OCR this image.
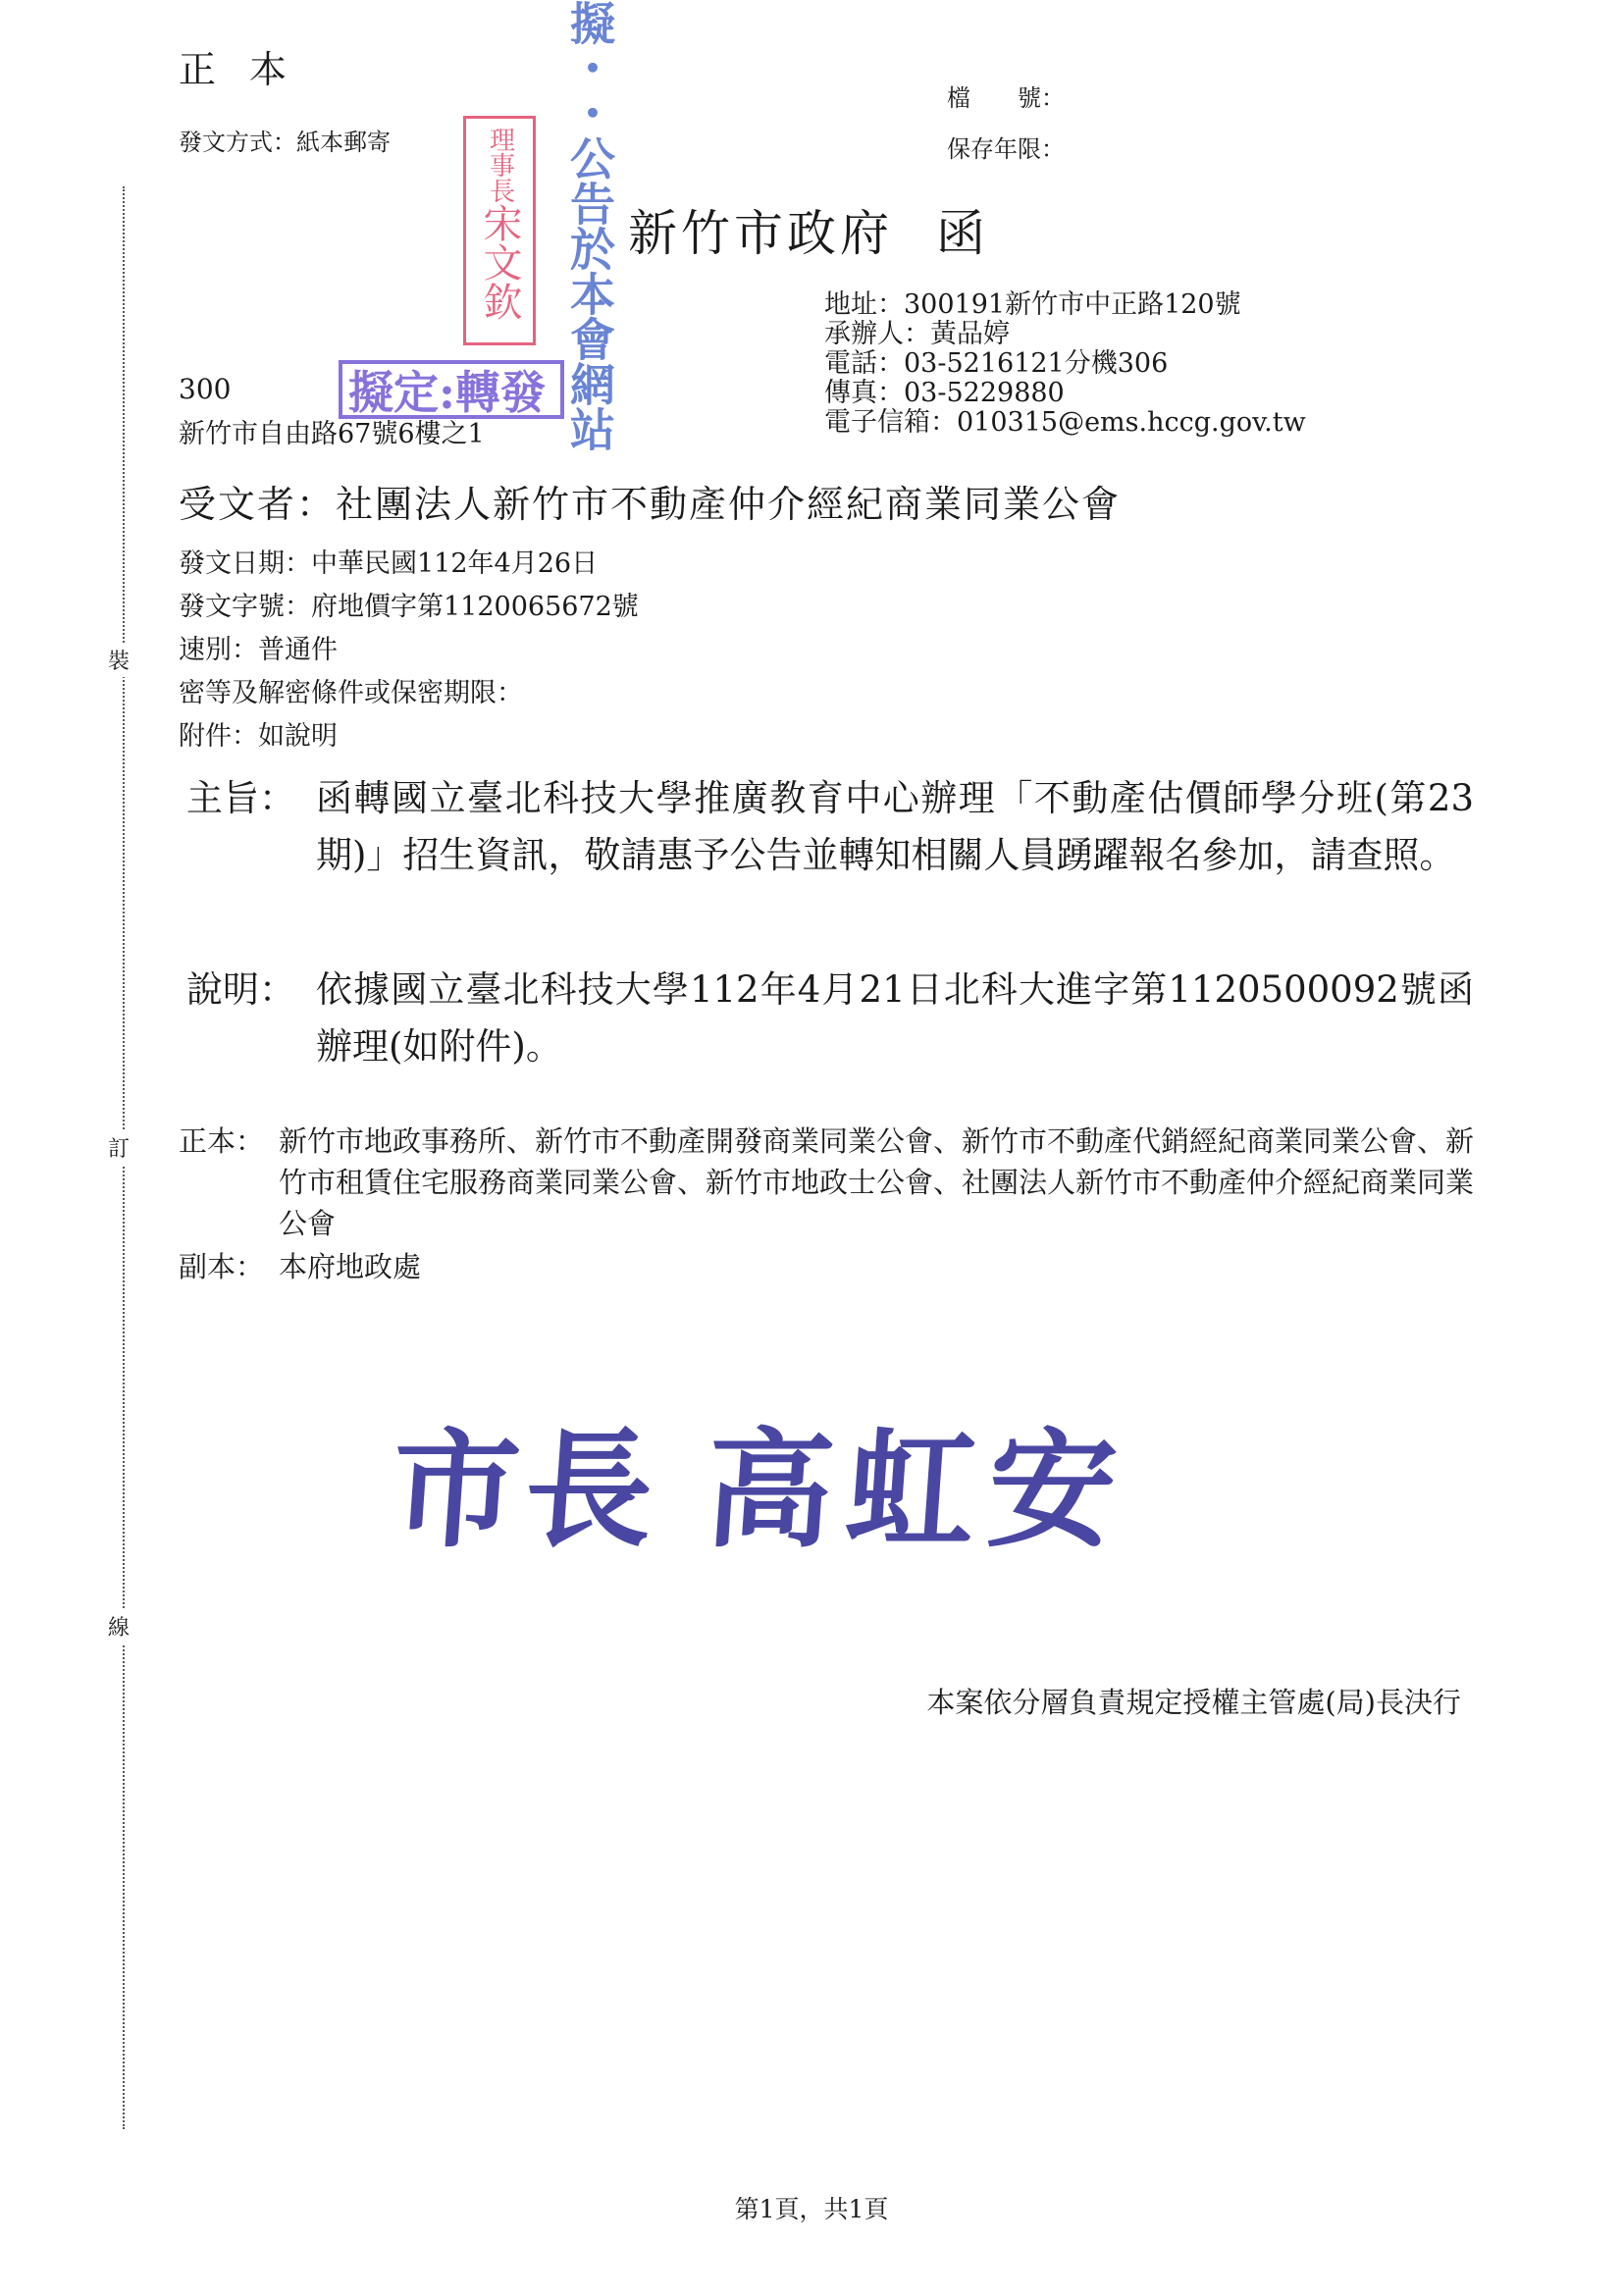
裝
訂
線
正本
發文方式：紙本郵寄
檔　　號：
保存年限：
新竹市政府 函
地址：300191新竹市中正路120號
承辦人：黃品婷
電話：03-5216121分機306
傳真：03-5229880
電子信箱：010315@ems.hccg.gov.tw
300
新竹市自由路67號6樓之1
理事長
宋文欽 擬・・公告於本會網站
擬定:轉發
受文者：社團法人新竹市不動產仲介經紀商業同業公會
發文日期：中華民國112年4月26日
發文字號：府地價字第1120065672號
速別：普通件
密等及解密條件或保密期限：
附件：如說明
主旨： 函轉國立臺北科技大學推廣教育中心辦理「不動產估價師學分班(第23期)」招生資訊，敬請惠予公告並轉知相關人員踴躍報名參加，請查照。
說明： 依據國立臺北科技大學112年4月21日北科大進字第1120500092號函辦理(如附件)。
正本： 新竹市地政事務所、新竹市不動產開發商業同業公會、新竹市不動產代銷經紀商業同業公會、新竹市租賃住宅服務商業同業公會、新竹市地政士公會、社團法人新竹市不動產仲介經紀商業同業公會
副本： 本府地政處
市長 高虹安
本案依分層負責規定授權主管處(局)長決行
第1頁，共1頁
